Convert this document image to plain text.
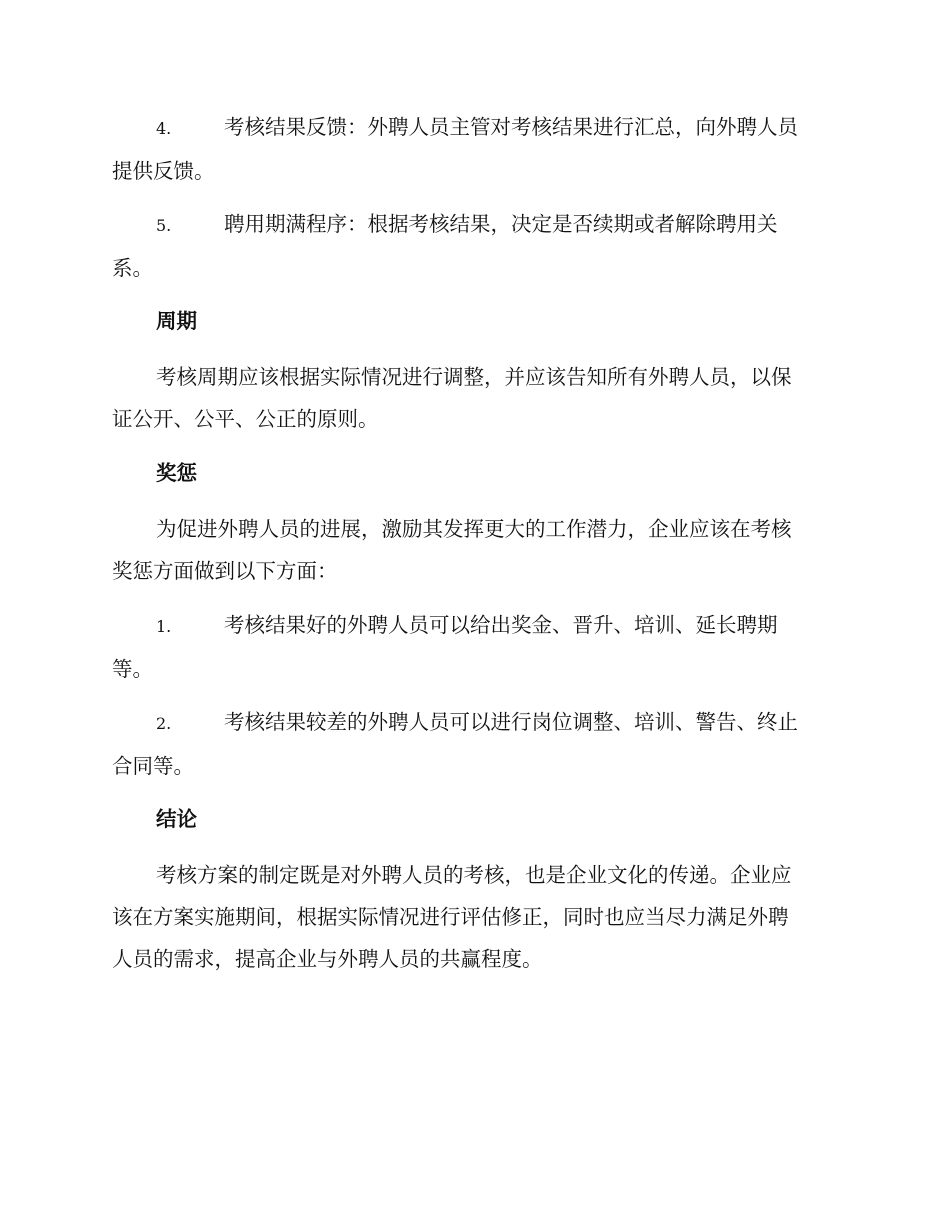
4.	考核结果反馈：外聘人员主管对考核结果进行汇总，向外聘人员
提供反馈。
5.	聘用期满程序：根据考核结果，决定是否续期或者解除聘用关
系。
周期
考核周期应该根据实际情况进行调整，并应该告知所有外聘人员，以保
证公开、公平、公正的原则。
奖惩
为促进外聘人员的进展，激励其发挥更大的工作潜力，企业应该在考核
奖惩方面做到以下方面：
1.	考核结果好的外聘人员可以给出奖金、晋升、培训、延长聘期
等。
2.	考核结果较差的外聘人员可以进行岗位调整、培训、警告、终止
合同等。
结论
考核方案的制定既是对外聘人员的考核，也是企业文化的传递。企业应
该在方案实施期间，根据实际情况进行评估修正，同时也应当尽力满足外聘
人员的需求，提高企业与外聘人员的共赢程度。
